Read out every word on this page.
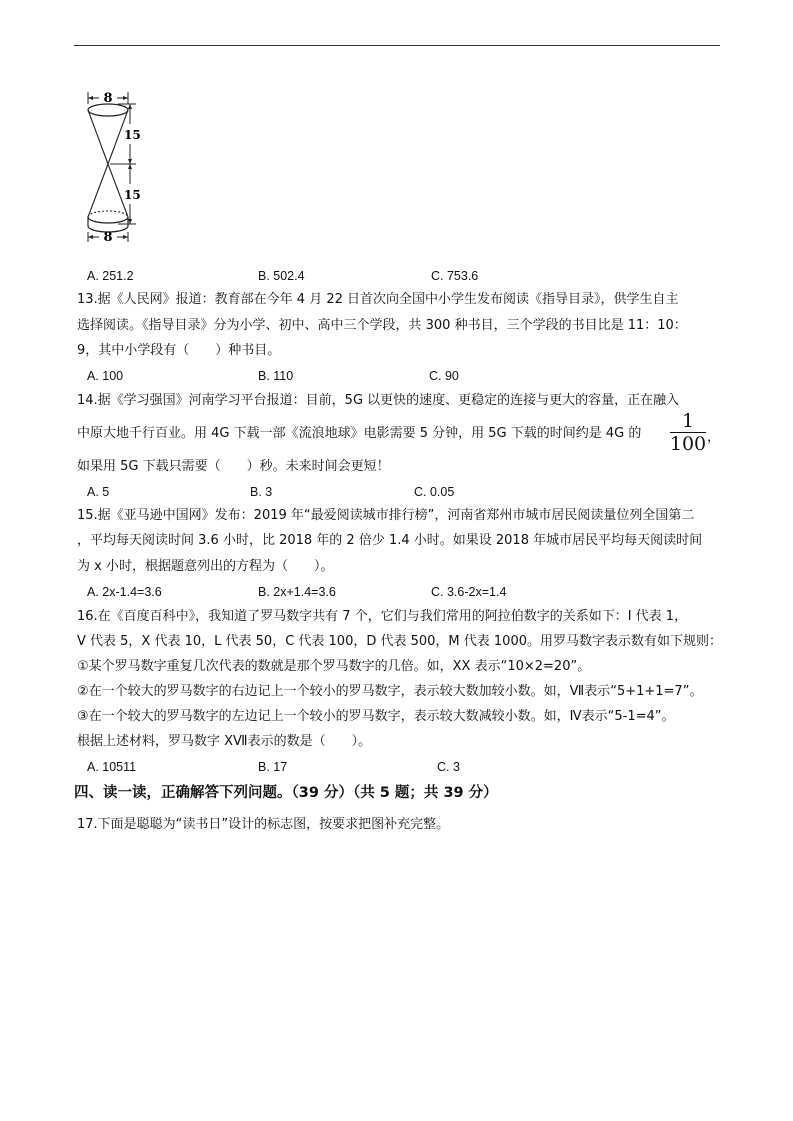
8
8
15
15
A. 251.2	B. 502.4	C. 753.6
13.据《人民网》报道：教育部在今年 4 月 22 日首次向全国中小学生发布阅读《指导目录》，供学生自主
选择阅读。《指导目录》分为小学、初中、高中三个学段，共 300 种书目，三个学段的书目比是 11：10：
9，其中小学段有（　　）种书目。
A. 100	B. 110	C. 90
14.据《学习强国》河南学习平台报道：目前，5G 以更快的速度、更稳定的连接与更大的容量，正在融入
中原大地千行百业。用 4G 下载一部《流浪地球》电影需要 5 分钟，用 5G 下载的时间约是 4G 的
1
100 ，
如果用 5G 下载只需要（　　）秒。未来时间会更短！
A. 5	B. 3	C. 0.05
15.据《亚马逊中国网》发布：2019 年“最爱阅读城市排行榜”，河南省郑州市城市居民阅读量位列全国第二
，平均每天阅读时间 3.6 小时，比 2018 年的 2 倍少 1.4 小时。如果设 2018 年城市居民平均每天阅读时间
为 x 小时，根据题意列出的方程为（　　）。
A. 2x-1.4=3.6	B. 2x+1.4=3.6	C. 3.6-2x=1.4
16.在《百度百科中》，我知道了罗马数字共有 7 个，它们与我们常用的阿拉伯数字的关系如下：I 代表 1，
V 代表 5，X 代表 10，L 代表 50，C 代表 100，D 代表 500，M 代表 1000。用罗马数字表示数有如下规则：
①某个罗马数字重复几次代表的数就是那个罗马数字的几倍。如，XX 表示“10×2=20”。
②在一个较大的罗马数字的右边记上一个较小的罗马数字，表示较大数加较小数。如，Ⅶ表示“5+1+1=7”。
③在一个较大的罗马数字的左边记上一个较小的罗马数字，表示较大数减较小数。如，Ⅳ表示“5-1=4”。
根据上述材料，罗马数字 XⅦ表示的数是（　　）。
A. 10511	B. 17	C. 3
四、读一读，正确解答下列问题。（39 分）（共 5 题；共 39 分）
17.下面是聪聪为“读书日”设计的标志图，按要求把图补充完整。
